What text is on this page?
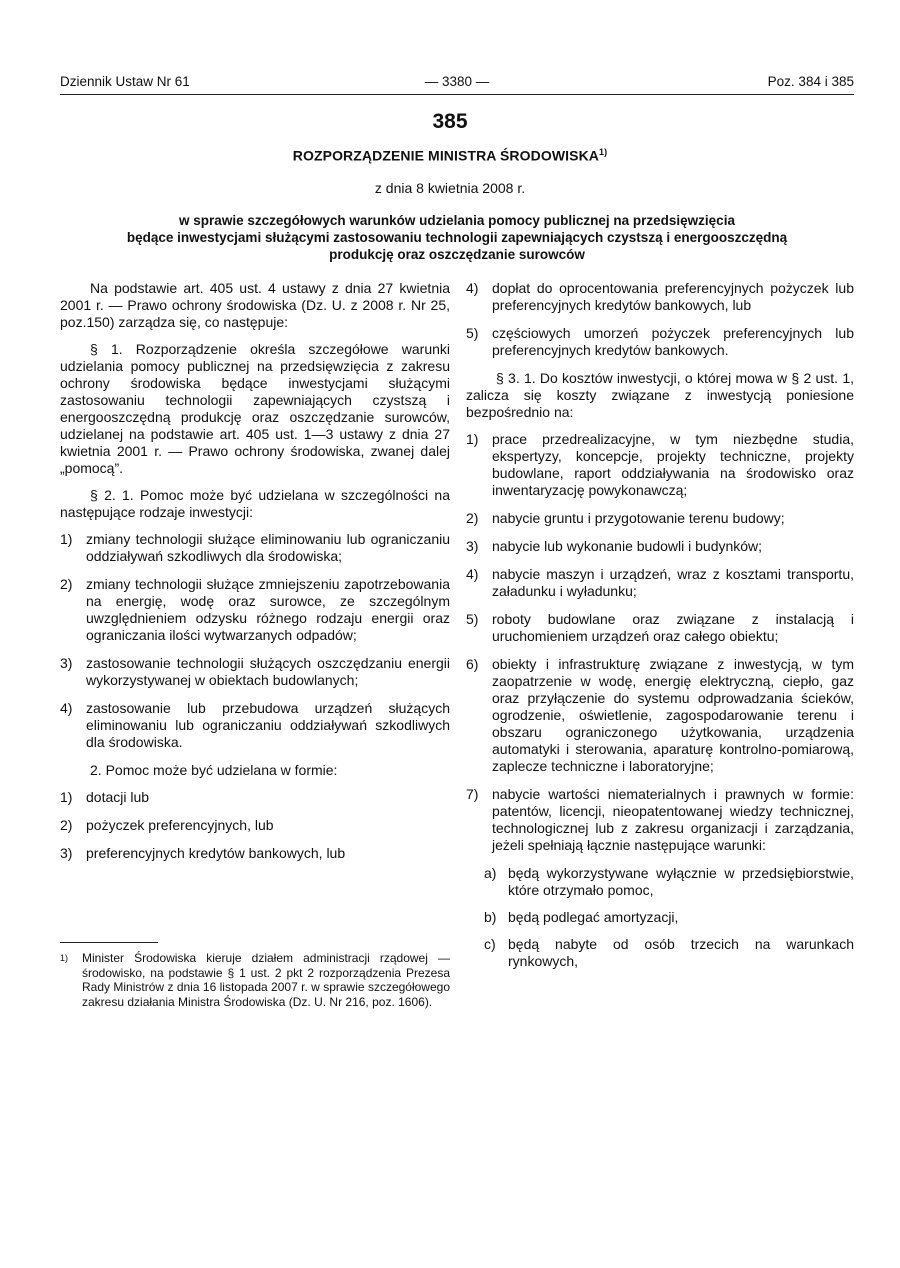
Dziennik Ustaw Nr 61	— 3380 —	Poz. 384 i 385
385
ROZPORZĄDZENIE MINISTRA ŚRODOWISKA$^{1)}$
z dnia 8 kwietnia 2008 r.
w sprawie szczegółowych warunków udzielania pomocy publicznej na przedsięwzięcia
będące inwestycjami służącymi zastosowaniu technologii zapewniających czystszą i energooszczędną
produkcję oraz oszczędzanie surowców

Na podstawie art. 405 ust. 4 ustawy z dnia 27 kwietnia 2001 r. — Prawo ochrony środowiska (Dz. U. z 2008 r. Nr 25, poz.150) zarządza się, co następuje:

§ 1. Rozporządzenie określa szczegółowe warunki udzielania pomocy publicznej na przedsięwzięcia z zakresu ochrony środowiska będące inwestycjami służącymi zastosowaniu technologii zapewniających czystszą i energooszczędną produkcję oraz oszczędzanie surowców, udzielanej na podstawie art. 405 ust. 1—3 ustawy z dnia 27 kwietnia 2001 r. — Prawo ochrony środowiska, zwanej dalej „pomocą”.

§ 2. 1. Pomoc może być udzielana w szczególności na następujące rodzaje inwestycji:

1) zmiany technologii służące eliminowaniu lub ograniczaniu oddziaływań szkodliwych dla środowiska;
2) zmiany technologii służące zmniejszeniu zapotrzebowania na energię, wodę oraz surowce, ze szczególnym uwzględnieniem odzysku różnego rodzaju energii oraz ograniczania ilości wytwarzanych odpadów;
3) zastosowanie technologii służących oszczędzaniu energii wykorzystywanej w obiektach budowlanych;
4) zastosowanie lub przebudowa urządzeń służących eliminowaniu lub ograniczaniu oddziaływań szkodliwych dla środowiska.

2. Pomoc może być udzielana w formie:

1) dotacji lub
2) pożyczek preferencyjnych, lub
3) preferencyjnych kredytów bankowych, lub
4) dopłat do oprocentowania preferencyjnych pożyczek lub preferencyjnych kredytów bankowych, lub
5) częściowych umorzeń pożyczek preferencyjnych lub preferencyjnych kredytów bankowych.

§ 3. 1. Do kosztów inwestycji, o której mowa w § 2 ust. 1, zalicza się koszty związane z inwestycją poniesione bezpośrednio na:

1) prace przedrealizacyjne, w tym niezbędne studia, ekspertyzy, koncepcje, projekty techniczne, projekty budowlane, raport oddziaływania na środowisko oraz inwentaryzację powykonawczą;
2) nabycie gruntu i przygotowanie terenu budowy;
3) nabycie lub wykonanie budowli i budynków;
4) nabycie maszyn i urządzeń, wraz z kosztami transportu, załadunku i wyładunku;
5) roboty budowlane oraz związane z instalacją i uruchomieniem urządzeń oraz całego obiektu;
6) obiekty i infrastrukturę związane z inwestycją, w tym zaopatrzenie w wodę, energię elektryczną, ciepło, gaz oraz przyłączenie do systemu odprowadzania ścieków, ogrodzenie, oświetlenie, zagospodarowanie terenu i obszaru ograniczonego użytkowania, urządzenia automatyki i sterowania, aparaturę kontrolno-pomiarową, zaplecze techniczne i laboratoryjne;
7) nabycie wartości niematerialnych i prawnych w formie: patentów, licencji, nieopatentowanej wiedzy technicznej, technologicznej lub z zakresu organizacji i zarządzania, jeżeli spełniają łącznie następujące warunki:
a) będą wykorzystywane wyłącznie w przedsiębiorstwie, które otrzymało pomoc,
b) będą podlegać amortyzacji,
c) będą nabyte od osób trzecich na warunkach rynkowych,
1)	Minister Środowiska kieruje działem administracji rządowej — środowisko, na podstawie § 1 ust. 2 pkt 2 rozporządzenia Prezesa Rady Ministrów z dnia 16 listopada 2007 r. w sprawie szczegółowego zakresu działania Ministra Środowiska (Dz. U. Nr 216, poz. 1606).
